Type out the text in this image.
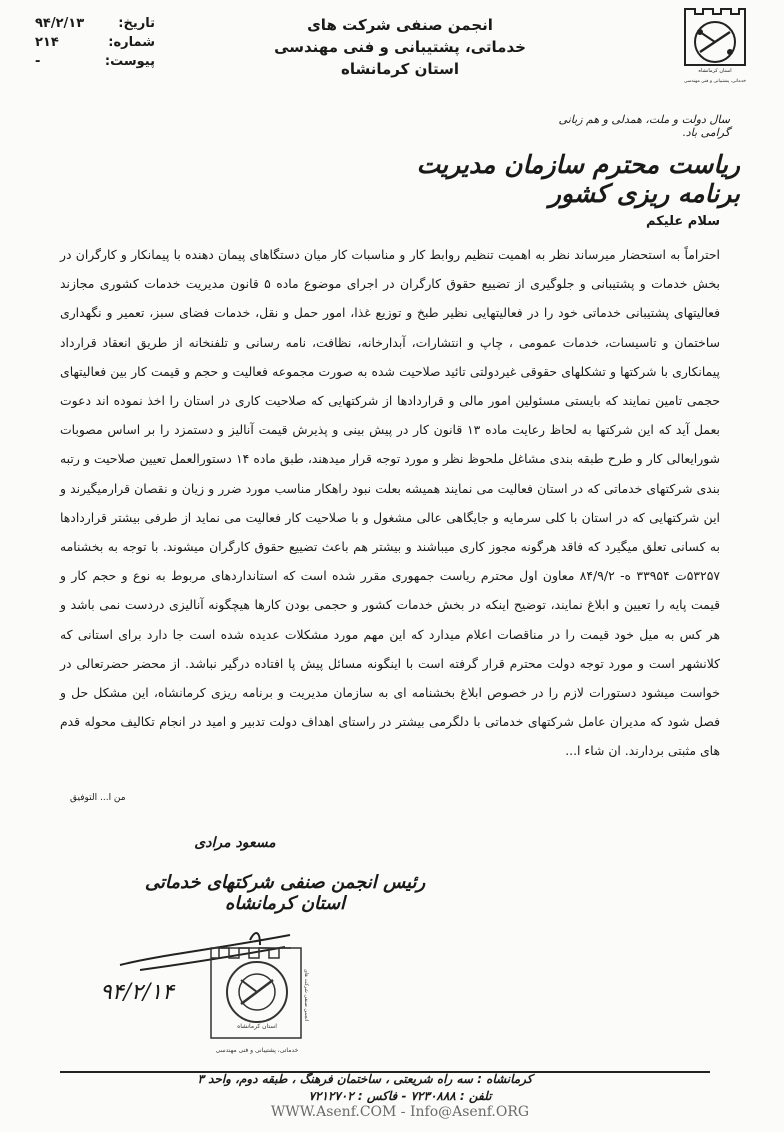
استان کرمانشاه
خدماتی، پشتیبانی و فنی مهندسی
انجمن صنفی شرکت های
خدماتی، پشتیبانی و فنی مهندسی
استان کرمانشاه
تاریخ:
۹۴/۲/۱۳
شماره:
۲۱۴
پیوست:
-
سال دولت و ملت، همدلی و هم زبانی گرامی باد.
ریاست محترم سازمان مدیریت برنامه ریزی کشور
سلام علیکم
احتراماً به استحضار میرساند نظر به اهمیت تنظیم روابط کار و مناسبات کار میان دستگاهای پیمان دهنده با پیمانکار و کارگران در بخش خدمات و پشتیبانی و جلوگیری از تضییع حقوق کارگران در اجرای موضوع ماده ۵ قانون مدیریت خدمات کشوری مجازند فعالیتهای پشتیبانی خدماتی خود را در فعالیتهایی نظیر طبخ و توزیع غذا، امور حمل و نقل، خدمات فضای سبز، تعمیر و نگهداری ساختمان و تاسیسات، خدمات عمومی ، چاپ و انتشارات، آبدارخانه، نظافت، نامه رسانی و تلفنخانه از طریق انعقاد قرارداد پیمانکاری با شرکتها و تشکلهای حقوقی غیردولتی تائید صلاحیت شده به صورت مجموعه فعالیت و حجم و قیمت کار بین فعالیتهای حجمی تامین نمایند که بایستی مسئولین امور مالی و قراردادها از شرکتهایی که صلاحیت کاری در استان را اخذ نموده اند دعوت بعمل آید که این شرکتها به لحاظ رعایت ماده ۱۳ قانون کار در پیش بینی و پذیرش قیمت آنالیز و دستمزد را بر اساس مصوبات شورایعالی کار و طرح طبقه بندی مشاغل ملحوظ نظر و مورد توجه قرار میدهند، طبق ماده ۱۴ دستورالعمل تعیین صلاحیت و رتبه بندی شرکتهای خدماتی که در استان فعالیت می نمایند همیشه بعلت نبود راهکار مناسب مورد ضرر و زیان و نقصان قرارمیگیرند و این شرکتهایی که در استان با کلی سرمایه و جایگاهی عالی مشغول و با صلاحیت کار فعالیت می نماید از طرفی بیشتر قراردادها به کسانی تعلق میگیرد که فاقد هرگونه مجوز کاری میباشند و بیشتر هم باعث تضییع حقوق کارگران میشوند. با توجه به بخشنامه ۵۳۲۵۷ت ۳۳۹۵۴ ه- ۸۴/۹/۲ معاون اول محترم ریاست جمهوری مقرر شده است که استانداردهای مربوط به نوع و حجم کار و قیمت پایه را تعیین و ابلاغ نمایند، توضیح اینکه در بخش خدمات کشور و حجمی بودن کارها هیچگونه آنالیزی دردست نمی باشد و هر کس به میل خود قیمت را در مناقصات اعلام میدارد که این مهم مورد مشکلات عدیده شده است جا دارد برای استانی که کلانشهر است و مورد توجه دولت محترم قرار گرفته است با اینگونه مسائل پیش پا افتاده درگیر نباشد. از محضر حضرتعالی در خواست میشود دستورات لازم را در خصوص ابلاغ بخشنامه ای به سازمان مدیریت و برنامه ریزی کرمانشاه، این مشکل حل و فصل شود که مدیران عامل شرکتهای خدماتی با دلگرمی بیشتر در راستای اهداف دولت تدبیر و امید در انجام تکالیف محوله قدم های مثبتی بردارند. ان شاء ا...
من ا... التوفیق
مسعود مرادی
رئیس انجمن صنفی شرکتهای خدماتی استان کرمانشاه
۹۴/۲/۱۴
استان کرمانشاه
انجمن صنفی شرکت های
خدماتی، پشتیبانی و فنی مهندسی
کرمانشاه : سه راه شریعتی ، ساختمان فرهنگ ، طبقه دوم، واحد ۳
تلفن : ۷۲۳۰۸۸۸ - فاکس : ۷۲۱۲۷۰۲
WWW.Asenf.COM - Info@Asenf.ORG
